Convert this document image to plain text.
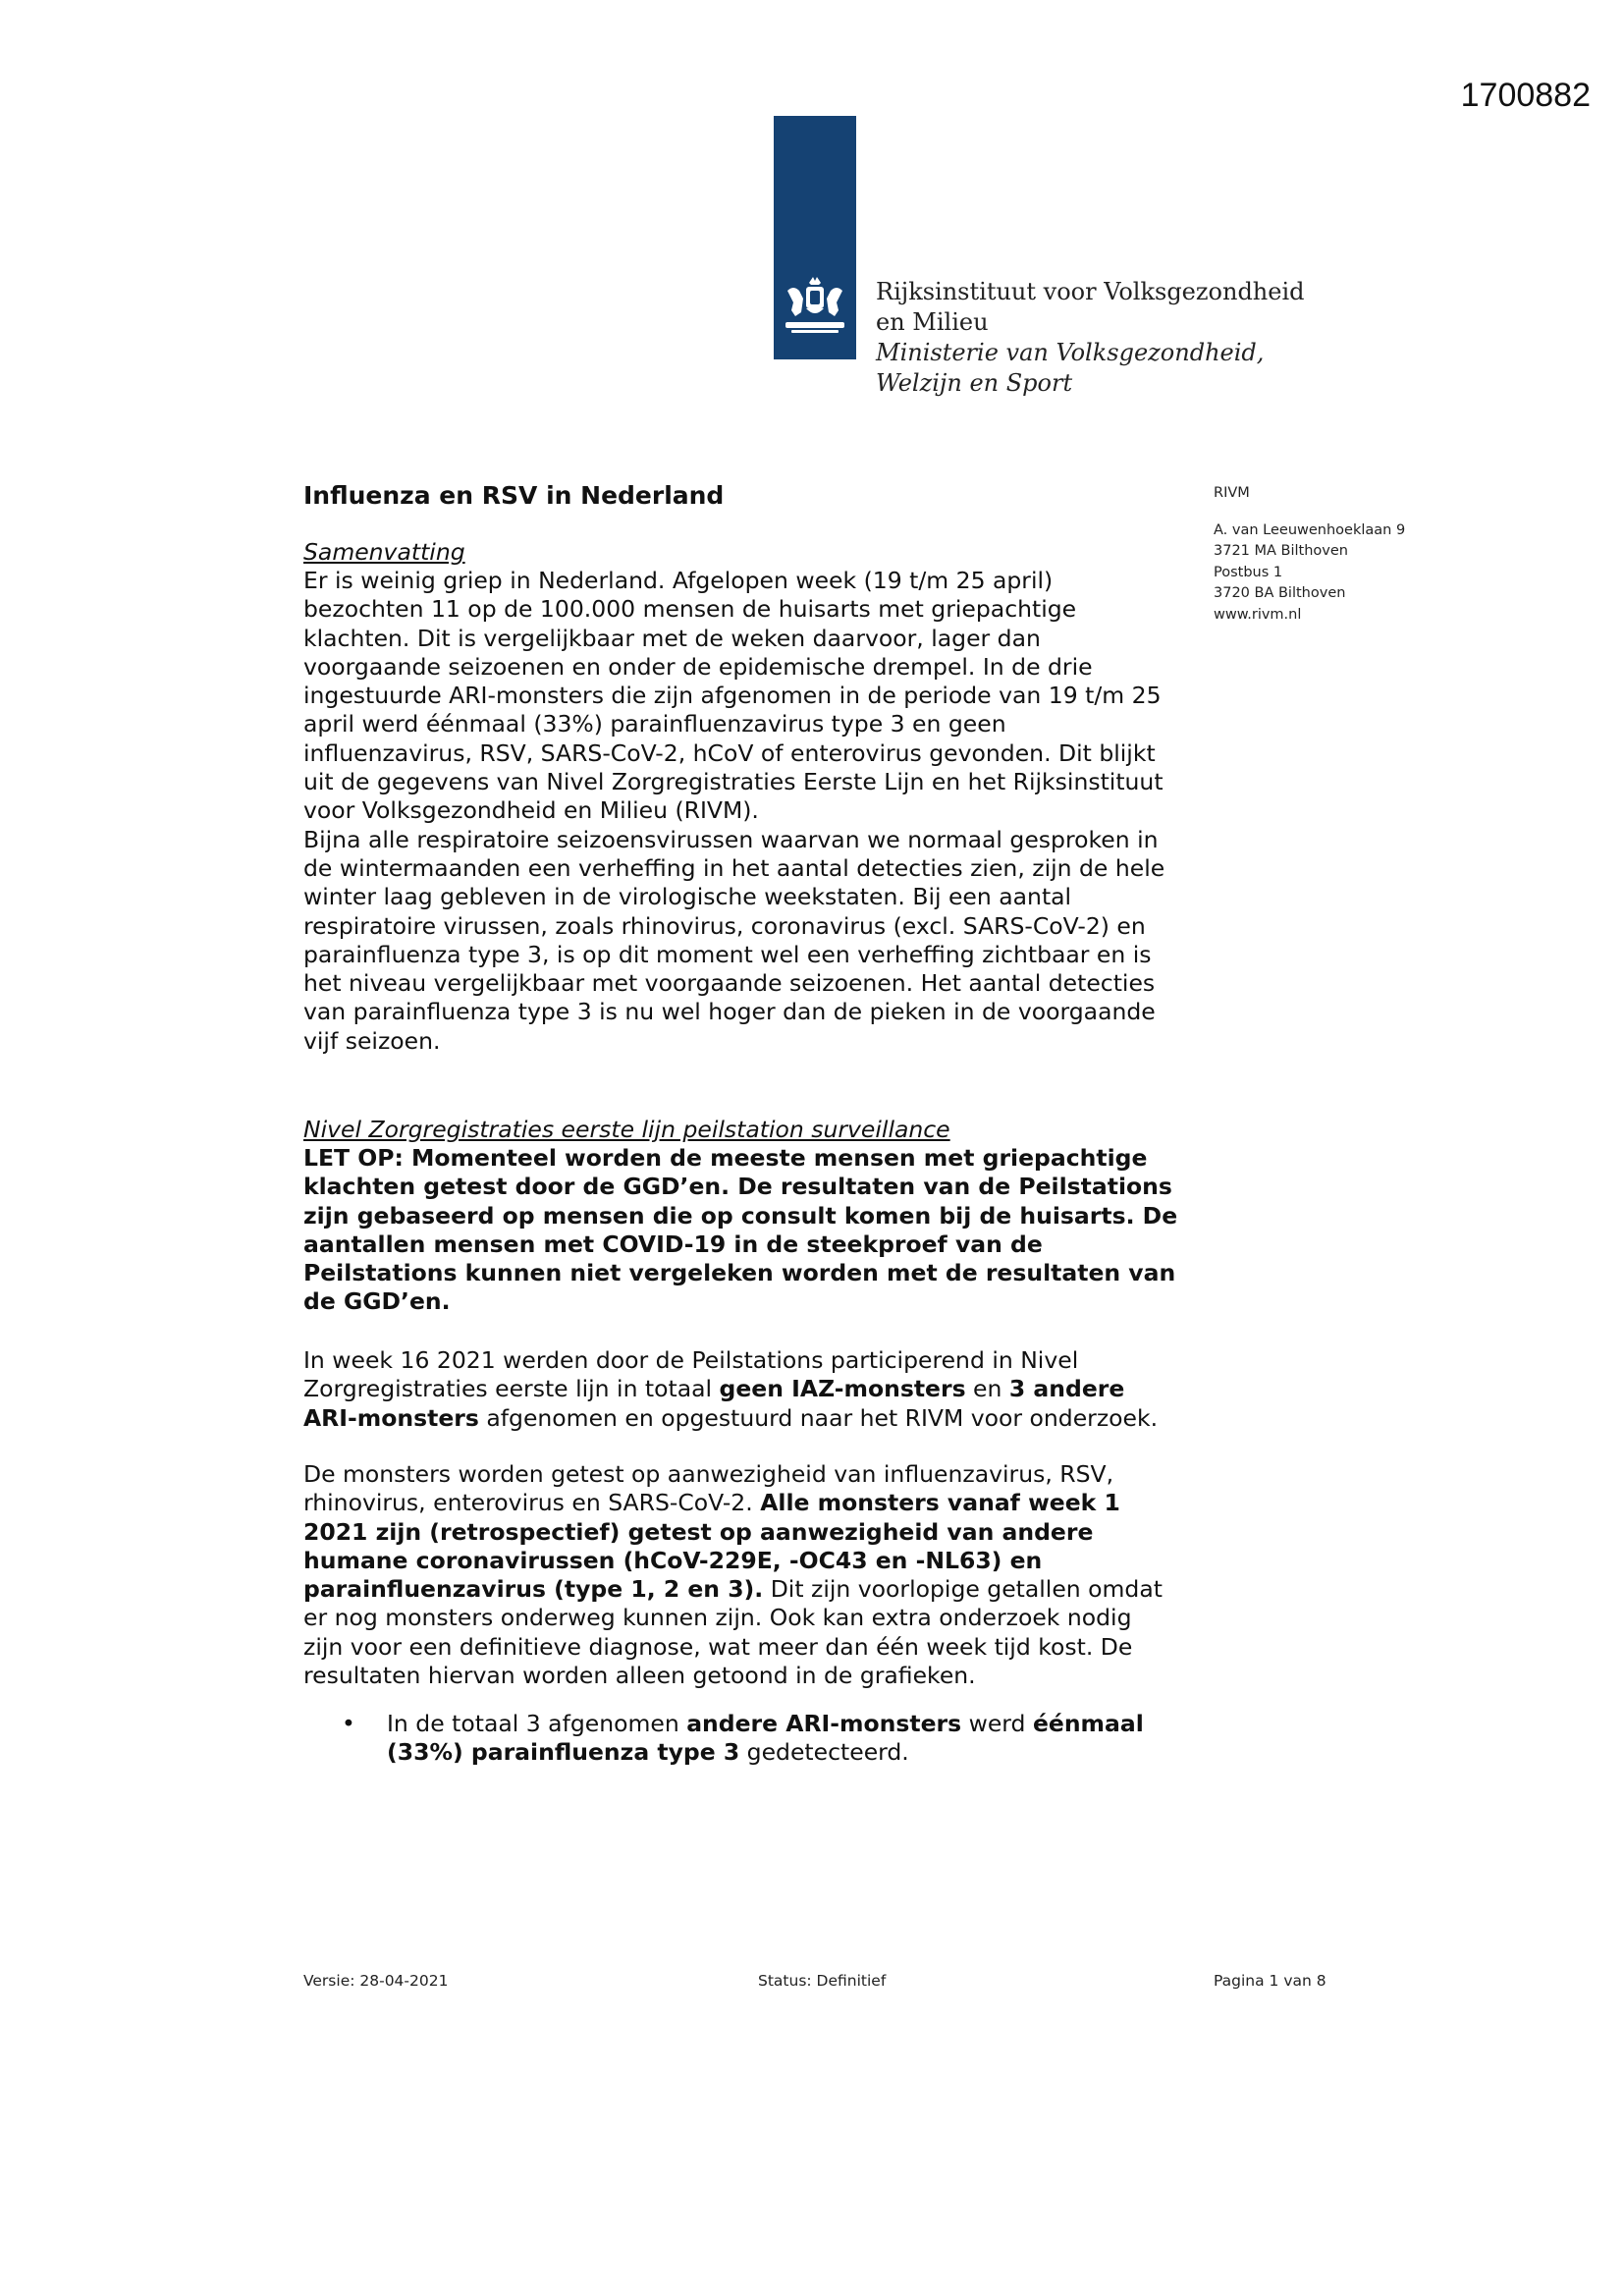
1700882
Rijksinstituut voor Volksgezondheid
en Milieu
Ministerie van Volksgezondheid,
Welzijn en Sport
RIVM
A. van Leeuwenhoeklaan 9
3721 MA Bilthoven
Postbus 1
3720 BA Bilthoven
www.rivm.nl
Influenza en RSV in Nederland
Samenvatting
Er is weinig griep in Nederland. Afgelopen week (19 t/m 25 april)
bezochten 11 op de 100.000 mensen de huisarts met griepachtige
klachten. Dit is vergelijkbaar met de weken daarvoor, lager dan
voorgaande seizoenen en onder de epidemische drempel. In de drie
ingestuurde ARI-monsters die zijn afgenomen in de periode van 19 t/m 25
april werd éénmaal (33%) parainfluenzavirus type 3 en geen
influenzavirus, RSV, SARS-CoV-2, hCoV of enterovirus gevonden. Dit blijkt
uit de gegevens van Nivel Zorgregistraties Eerste Lijn en het Rijksinstituut
voor Volksgezondheid en Milieu (RIVM).
Bijna alle respiratoire seizoensvirussen waarvan we normaal gesproken in
de wintermaanden een verheffing in het aantal detecties zien, zijn de hele
winter laag gebleven in de virologische weekstaten. Bij een aantal
respiratoire virussen, zoals rhinovirus, coronavirus (excl. SARS-CoV-2) en
parainfluenza type 3, is op dit moment wel een verheffing zichtbaar en is
het niveau vergelijkbaar met voorgaande seizoenen. Het aantal detecties
van parainfluenza type 3 is nu wel hoger dan de pieken in de voorgaande
vijf seizoen.
Nivel Zorgregistraties eerste lijn peilstation surveillance
LET OP: Momenteel worden de meeste mensen met griepachtige
klachten getest door de GGD’en. De resultaten van de Peilstations
zijn gebaseerd op mensen die op consult komen bij de huisarts. De
aantallen mensen met COVID-19 in de steekproef van de
Peilstations kunnen niet vergeleken worden met de resultaten van
de GGD’en.
In week 16 2021 werden door de Peilstations participerend in Nivel
Zorgregistraties eerste lijn in totaal geen IAZ-monsters en 3 andere
ARI-monsters afgenomen en opgestuurd naar het RIVM voor onderzoek.
De monsters worden getest op aanwezigheid van influenzavirus, RSV,
rhinovirus, enterovirus en SARS-CoV-2. Alle monsters vanaf week 1
2021 zijn (retrospectief) getest op aanwezigheid van andere
humane coronavirussen (hCoV-229E, -OC43 en -NL63) en
parainfluenzavirus (type 1, 2 en 3). Dit zijn voorlopige getallen omdat
er nog monsters onderweg kunnen zijn. Ook kan extra onderzoek nodig
zijn voor een definitieve diagnose, wat meer dan één week tijd kost. De
resultaten hiervan worden alleen getoond in de grafieken.
• In de totaal 3 afgenomen andere ARI-monsters werd éénmaal
(33%) parainfluenza type 3 gedetecteerd.
Versie: 28-04-2021	Status: Definitief	Pagina 1 van 8
